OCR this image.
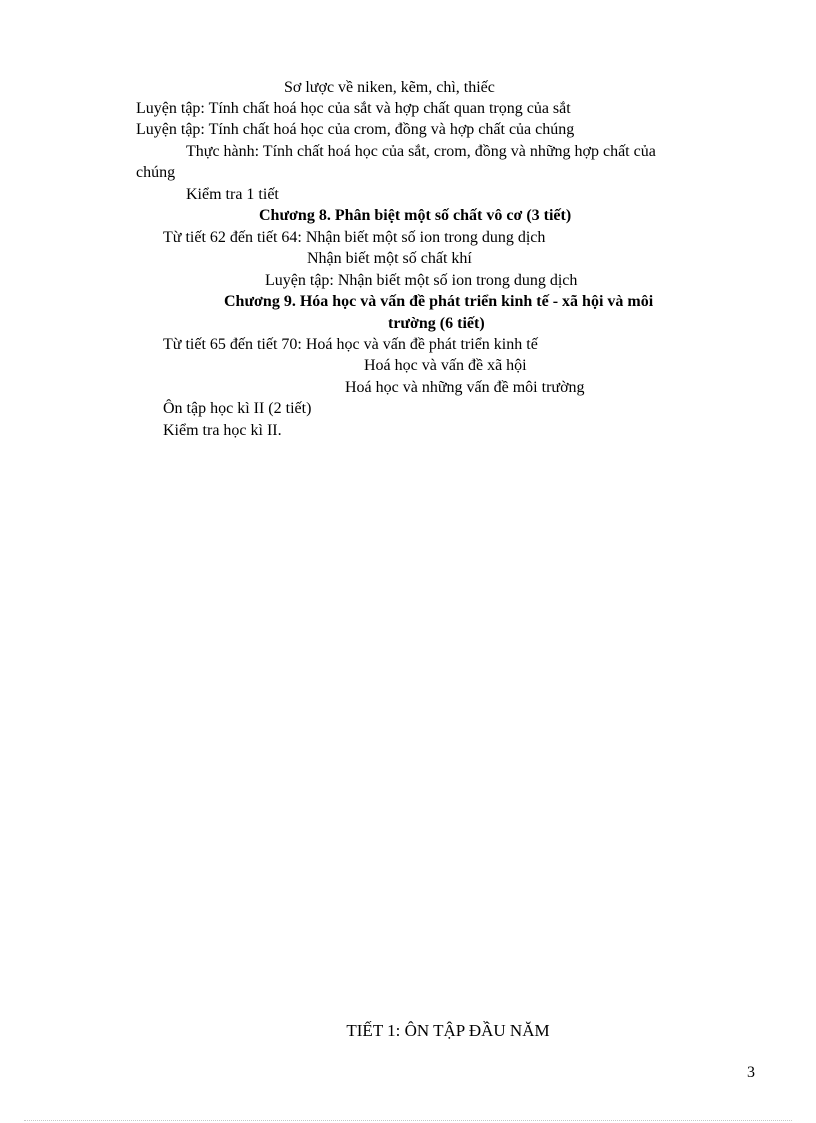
Sơ lược về niken, kẽm, chì, thiếc
Luyện tập: Tính chất hoá học của sắt và hợp chất quan trọng của sắt
Luyện tập: Tính chất hoá học của crom, đồng và hợp chất của chúng
Thực hành: Tính chất hoá học của sắt, crom, đồng và những hợp chất của
chúng
Kiểm tra 1 tiết
Chương 8. Phân biệt một số chất vô cơ (3 tiết)
Từ tiết 62 đến tiết 64: Nhận biết một số ion trong dung dịch
Nhận biết một số chất khí
Luyện tập: Nhận biết một số ion trong dung dịch
Chương 9. Hóa học và vấn đề phát triển kinh tế - xã hội và môi
trường (6 tiết)
Từ tiết 65 đến tiết 70: Hoá học và vấn đề phát triển kinh tế
Hoá học và vấn đề xã hội
Hoá học và những vấn đề môi trường
Ôn tập học kì II (2 tiết)
Kiểm tra học kì II.
TIẾT 1: ÔN TẬP ĐẦU NĂM
3
